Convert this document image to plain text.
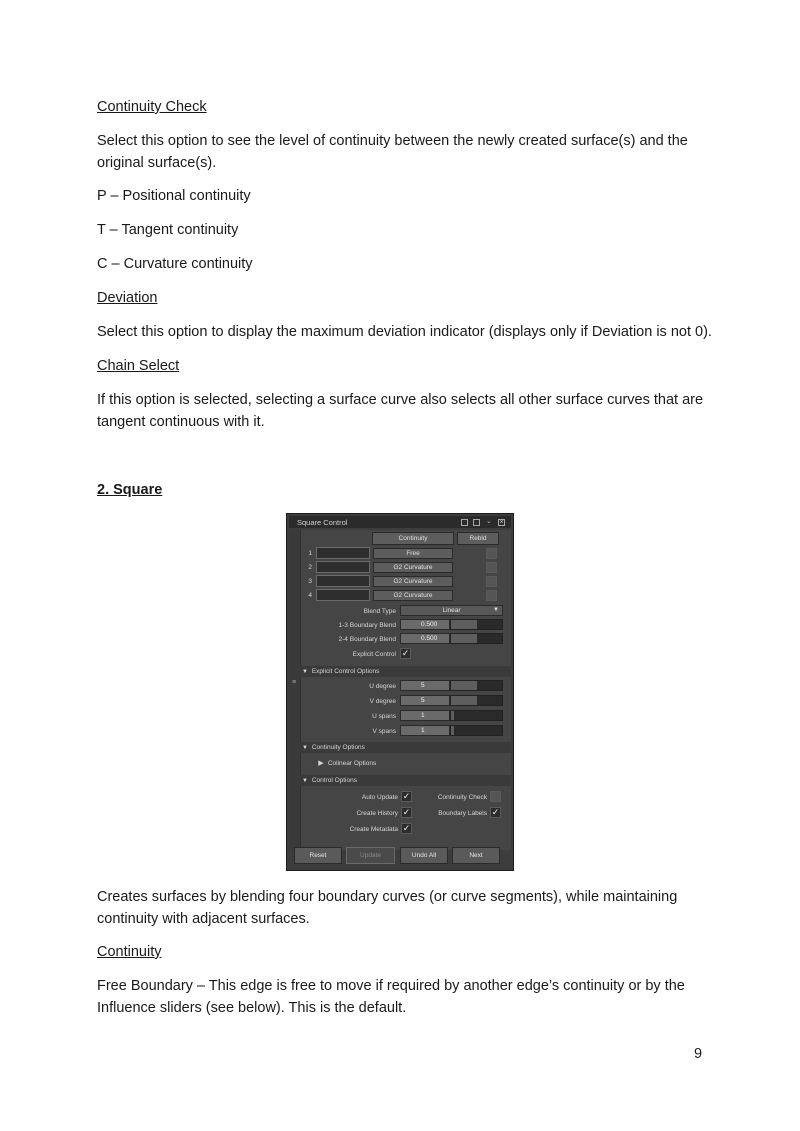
Continuity Check

Select this option to see the level of continuity between the newly created surface(s) and the original surface(s).

P – Positional continuity

T – Tangent continuity

C – Curvature continuity

Deviation

Select this option to display the maximum deviation indicator (displays only if Deviation is not 0).

Chain Select

If this option is selected, selecting a surface curve also selects all other surface curves that are tangent continuous with it.

2. Square

Square Control	⌄ ×
≡
Continuity	Rebld
1	Free
2	G2 Curvature
3	G2 Curvature
4	G2 Curvature
Blend Type	Linear	▼
1-3 Boundary Blend	0.500
2-4 Boundary Blend	0.500
Explicit Control ✓
▼ Explicit Control Options
U degree	5
V degree	5
U spans	1
V spans	1
▼ Continuity Options
▶ Colinear Options
▼ Control Options
Auto Update ✓	Continuity Check
Create History ✓	Boundary Labels ✓
Create Metadata ✓
Reset	Update	Undo All	Next

Creates surfaces by blending four boundary curves (or curve segments), while maintaining continuity with adjacent surfaces.

Continuity

Free Boundary – This edge is free to move if required by another edge’s continuity or by the Influence sliders (see below). This is the default.

9
